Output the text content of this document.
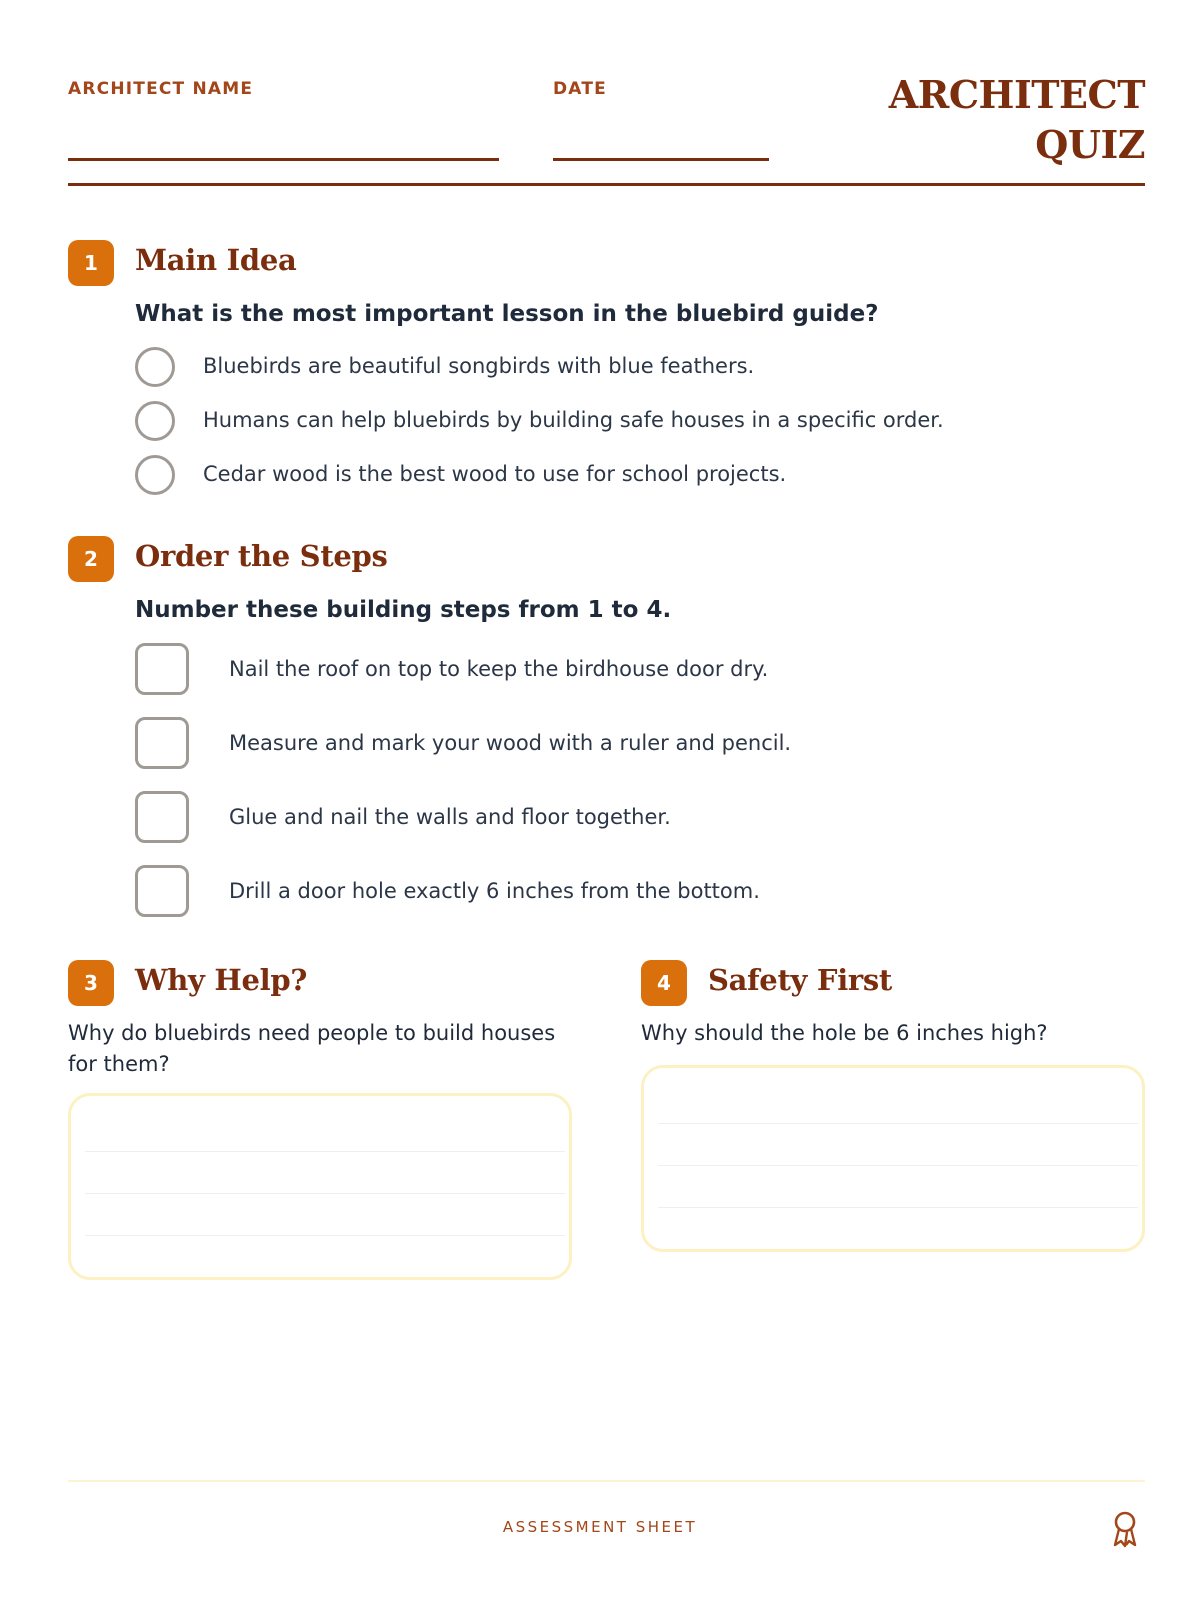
ARCHITECT NAME	DATE	ARCHITECT
QUIZ
1	Main Idea
What is the most important lesson in the bluebird guide?
Bluebirds are beautiful songbirds with blue feathers.
Humans can help bluebirds by building safe houses in a specific order.
Cedar wood is the best wood to use for school projects.
2	Order the Steps
Number these building steps from 1 to 4.
Nail the roof on top to keep the birdhouse door dry.
Measure and mark your wood with a ruler and pencil.
Glue and nail the walls and floor together.
Drill a door hole exactly 6 inches from the bottom.
3	Why Help?
Why do bluebirds need people to build houses for them?
4	Safety First
Why should the hole be 6 inches high?
ASSESSMENT SHEET
